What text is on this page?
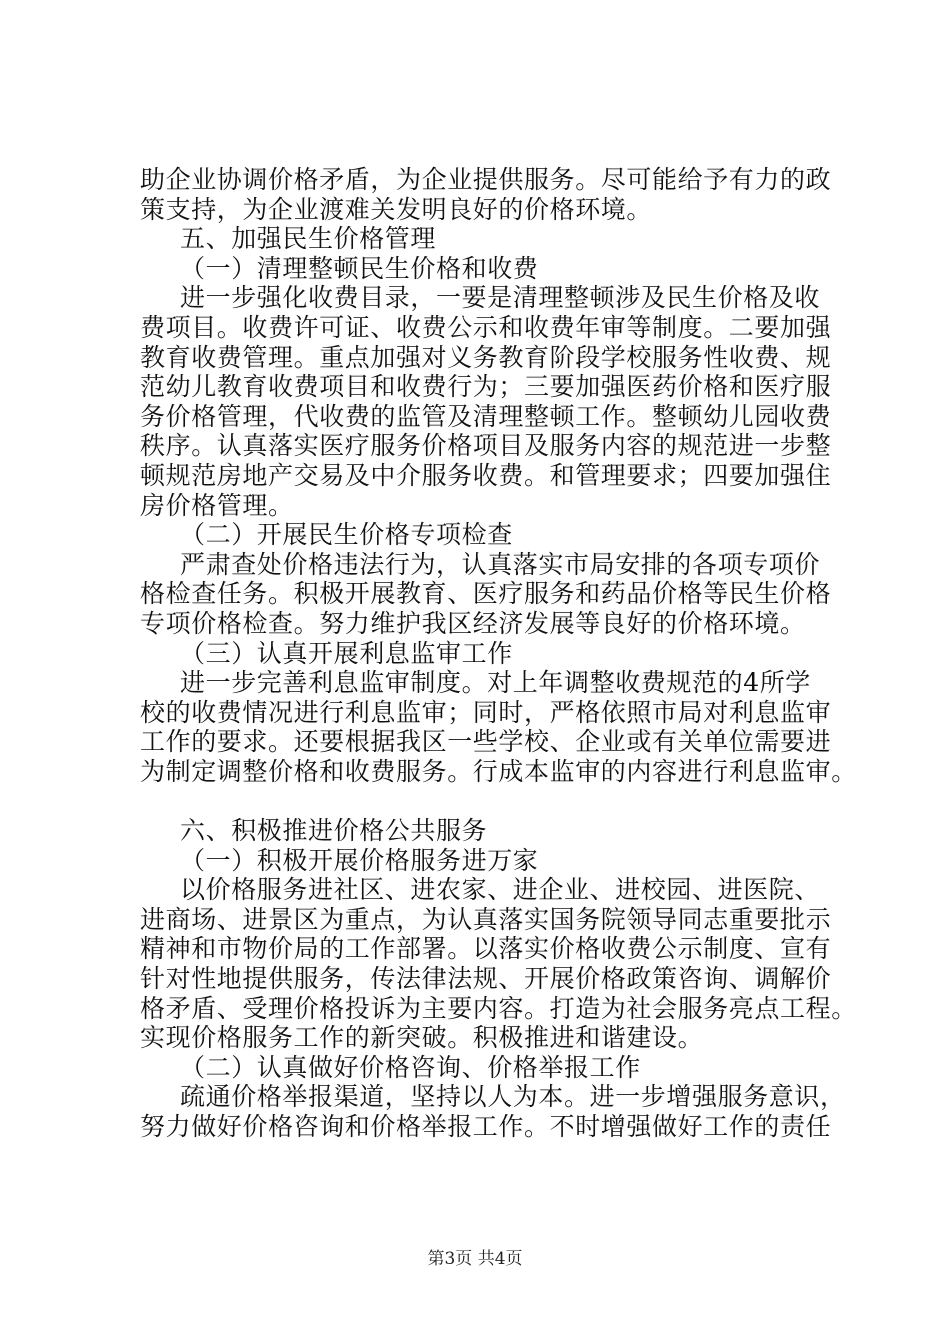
助企业协调价格矛盾，为企业提供服务。尽可能给予有力的政
策支持，为企业渡难关发明良好的价格环境。
五、加强民生价格管理
（一）清理整顿民生价格和收费
进一步强化收费目录，一要是清理整顿涉及民生价格及收
费项目。收费许可证、收费公示和收费年审等制度。二要加强
教育收费管理。重点加强对义务教育阶段学校服务性收费、规
范幼儿教育收费项目和收费行为；三要加强医药价格和医疗服
务价格管理，代收费的监管及清理整顿工作。整顿幼儿园收费
秩序。认真落实医疗服务价格项目及服务内容的规范进一步整
顿规范房地产交易及中介服务收费。和管理要求；四要加强住
房价格管理。
（二）开展民生价格专项检查
严肃查处价格违法行为，认真落实市局安排的各项专项价
格检查任务。积极开展教育、医疗服务和药品价格等民生价格
专项价格检查。努力维护我区经济发展等良好的价格环境。
（三）认真开展利息监审工作
进一步完善利息监审制度。对上年调整收费规范的4所学
校的收费情况进行利息监审；同时，严格依照市局对利息监审
工作的要求。还要根据我区一些学校、企业或有关单位需要进
为制定调整价格和收费服务。行成本监审的内容进行利息监审。
六、积极推进价格公共服务
（一）积极开展价格服务进万家
以价格服务进社区、进农家、进企业、进校园、进医院、
进商场、进景区为重点，为认真落实国务院领导同志重要批示
精神和市物价局的工作部署。以落实价格收费公示制度、宣有
针对性地提供服务，传法律法规、开展价格政策咨询、调解价
格矛盾、受理价格投诉为主要内容。打造为社会服务亮点工程。
实现价格服务工作的新突破。积极推进和谐建设。
（二）认真做好价格咨询、价格举报工作
疏通价格举报渠道，坚持以人为本。进一步增强服务意识，
努力做好价格咨询和价格举报工作。不时增强做好工作的责任
第3页 共4页
